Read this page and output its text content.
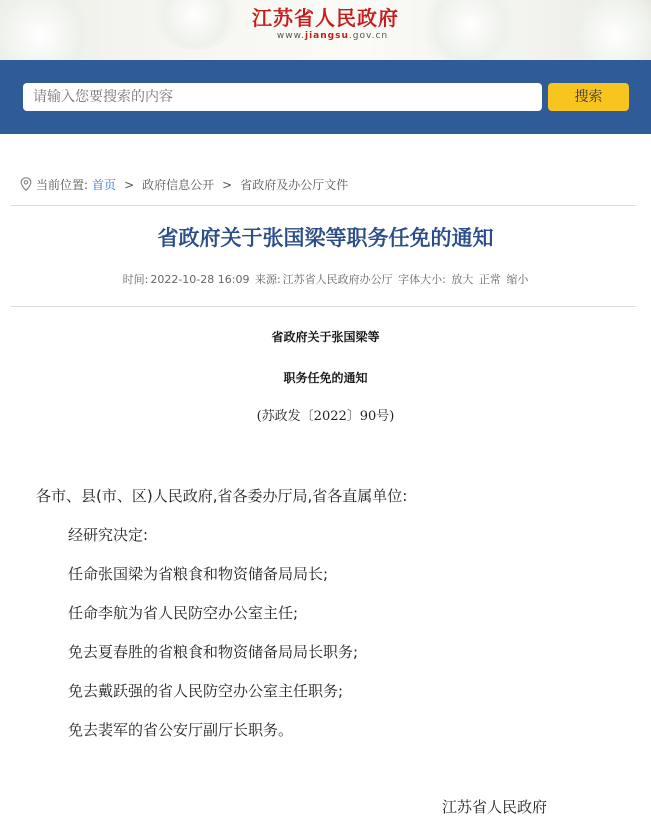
江苏省人民政府
www.jiangsu.gov.cn
请输入您要搜索的内容
搜索
当前位置: 首页 > 政府信息公开 > 省政府及办公厅文件
省政府关于张国梁等职务任免的通知
时间: 2022-10-28 16:09 来源: 江苏省人民政府办公厅 字体大小: 放大 正常 缩小
省政府关于张国梁等
职务任免的通知
(苏政发〔2022〕90号)
各市、县(市、区)人民政府,省各委办厅局,省各直属单位:
经研究决定:
任命张国梁为省粮食和物资储备局局长;
任命李航为省人民防空办公室主任;
免去夏春胜的省粮食和物资储备局局长职务;
免去戴跃强的省人民防空办公室主任职务;
免去裴军的省公安厅副厅长职务。
江苏省人民政府
